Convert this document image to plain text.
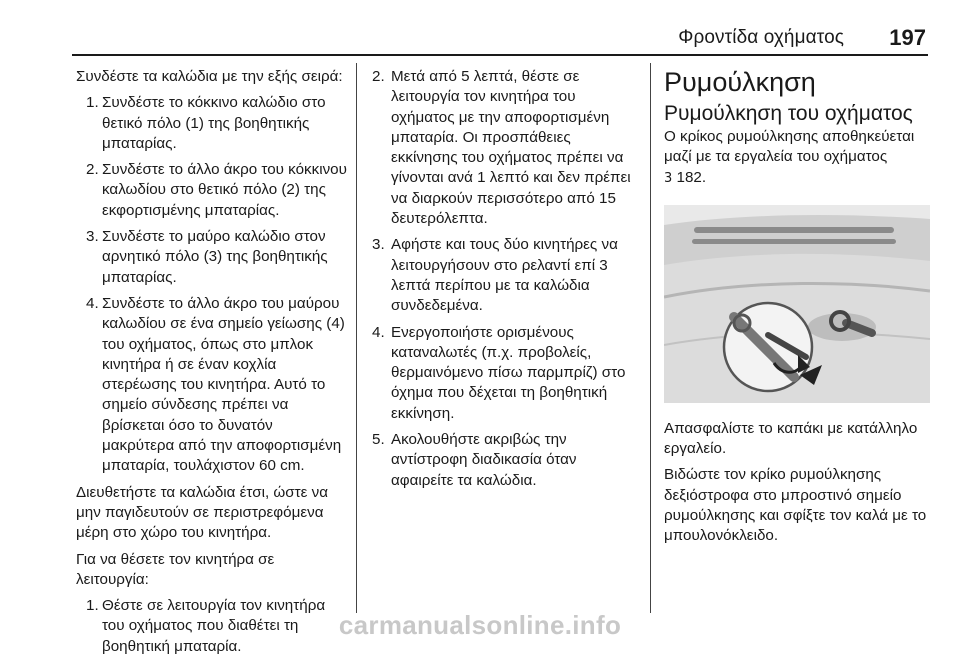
Φροντίδα οχήματος 197

Συνδέστε τα καλώδια με την εξής σειρά:

1. Συνδέστε το κόκκινο καλώδιο στο θετικό πόλο (1) της βοηθητικής μπαταρίας.
2. Συνδέστε το άλλο άκρο του κόκκινου καλωδίου στο θετικό πόλο (2) της εκφορτισμένης μπαταρίας.
3. Συνδέστε το μαύρο καλώδιο στον αρνητικό πόλο (3) της βοηθητικής μπαταρίας.
4. Συνδέστε το άλλο άκρο του μαύρου καλωδίου σε ένα σημείο γείωσης (4) του οχήματος, όπως στο μπλοκ κινητήρα ή σε έναν κοχλία στερέωσης του κινητήρα. Αυτό το σημείο σύνδεσης πρέπει να βρίσκεται όσο το δυνατόν μακρύτερα από την αποφορτισμένη μπαταρία, τουλάχιστον 60 cm.

Διευθετήστε τα καλώδια έτσι, ώστε να μην παγιδευτούν σε περιστρεφόμενα μέρη στο χώρο του κινητήρα.

Για να θέσετε τον κινητήρα σε λειτουργία:

1. Θέστε σε λειτουργία τον κινητήρα του οχήματος που διαθέτει τη βοηθητική μπαταρία.
2. Μετά από 5 λεπτά, θέστε σε λειτουργία τον κινητήρα του οχήματος με την αποφορτισμένη μπαταρία. Οι προσπάθειες εκκίνησης του οχήματος πρέπει να γίνονται ανά 1 λεπτό και δεν πρέπει να διαρκούν περισσότερο από 15 δευτερόλεπτα.
3. Αφήστε και τους δύο κινητήρες να λειτουργήσουν στο ρελαντί επί 3 λεπτά περίπου με τα καλώδια συνδεδεμένα.
4. Ενεργοποιήστε ορισμένους καταναλωτές (π.χ. προβολείς, θερμαινόμενο πίσω παρμπρίζ) στο όχημα που δέχεται τη βοηθητική εκκίνηση.
5. Ακολουθήστε ακριβώς την αντίστροφη διαδικασία όταν αφαιρείτε τα καλώδια.
Ρυμούλκηση
Ρυμούλκηση του οχήματος

Ο κρίκος ρυμούλκησης αποθηκεύεται μαζί με τα εργαλεία του οχήματος
3 182.

Απασφαλίστε το καπάκι με κατάλληλο εργαλείο.

Βιδώστε τον κρίκο ρυμούλκησης δεξιόστροφα στο μπροστινό σημείο ρυμούλκησης και σφίξτε τον καλά με το μπουλονόκλειδο.

carmanualsonline.info
